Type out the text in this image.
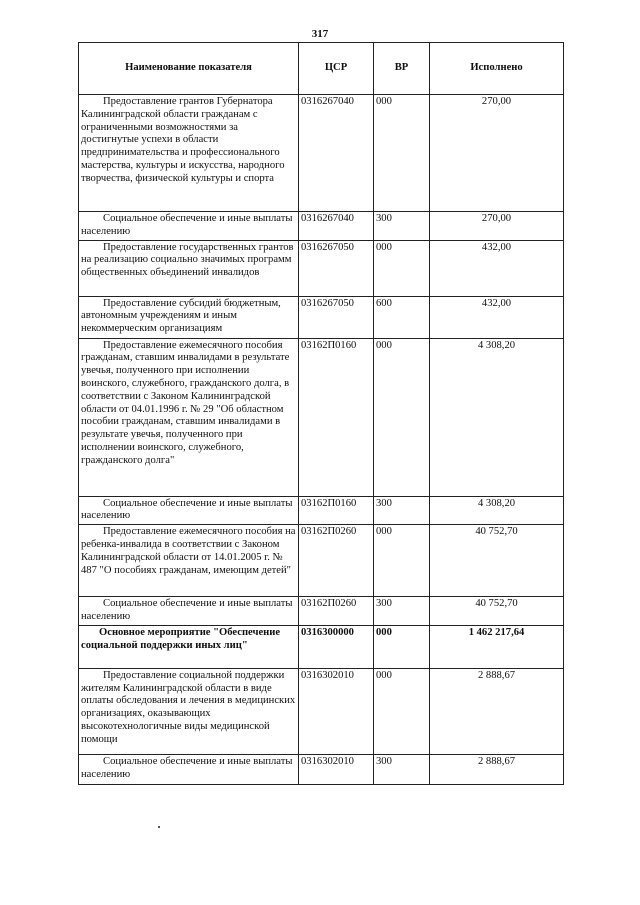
317
Наименование показателя	ЦСР	ВР	Исполнено

Предоставление грантов Губернатора Калининградской области гражданам с ограниченными возможностями за достигнутые успехи в области предпринимательства и профессионального мастерства, культуры и искусства, народного творчества, физической культуры и спорта	0316267040	000	270,00

Социальное обеспечение и иные выплаты населению	0316267040	300	270,00

Предоставление государственных грантов на реализацию социально значимых программ общественных объединений инвалидов	0316267050	000	432,00

Предоставление субсидий бюджетным, автономным учреждениям и иным некоммерческим организациям	0316267050	600	432,00

Предоставление ежемесячного пособия гражданам, ставшим инвалидами в результате увечья, полученного при исполнении воинского, служебного, гражданского долга, в соответствии с Законом Калининградской области от 04.01.1996 г. № 29 "Об областном пособии гражданам, ставшим инвалидами в результате увечья, полученного при исполнении воинского, служебного, гражданского долга"	03162П0160	000	4 308,20

Социальное обеспечение и иные выплаты населению	03162П0160	300	4 308,20

Предоставление ежемесячного пособия на ребенка-инвалида в соответствии с Законом Калининградской области от 14.01.2005 г. № 487 "О пособиях гражданам, имеющим детей"	03162П0260	000	40 752,70

Социальное обеспечение и иные выплаты населению	03162П0260	300	40 752,70

Основное мероприятие "Обеспечение социальной поддержки иных лиц"	0316300000	000	1 462 217,64

Предоставление социальной поддержки жителям Калининградской области в виде оплаты обследования и лечения в медицинских организациях, оказывающих высокотехнологичные виды медицинской помощи	0316302010	000	2 888,67

Социальное обеспечение и иные выплаты населению	0316302010	300	2 888,67
